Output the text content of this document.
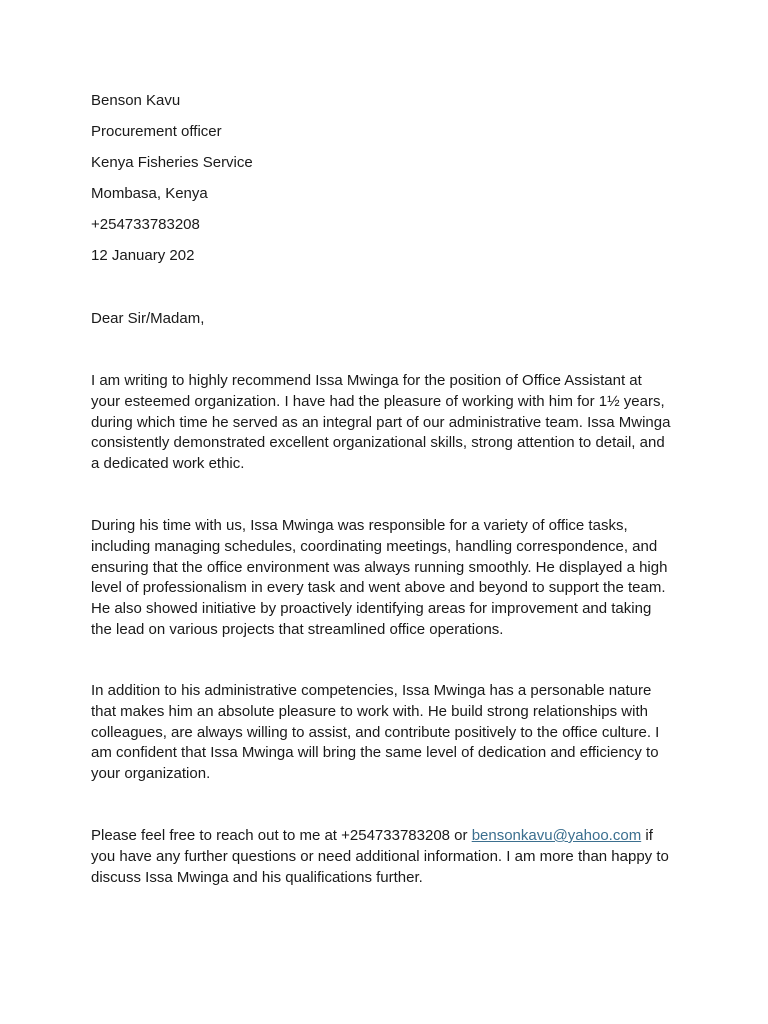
Benson Kavu
Procurement officer
Kenya Fisheries Service
Mombasa, Kenya
+254733783208
12 January 202
Dear Sir/Madam,
I am writing to highly recommend Issa Mwinga for the position of Office Assistant at
your esteemed organization. I have had the pleasure of working with him for 1½ years,
during which time he served as an integral part of our administrative team. Issa Mwinga
consistently demonstrated excellent organizational skills, strong attention to detail, and
a dedicated work ethic.
During his time with us, Issa Mwinga was responsible for a variety of office tasks,
including managing schedules, coordinating meetings, handling correspondence, and
ensuring that the office environment was always running smoothly. He displayed a high
level of professionalism in every task and went above and beyond to support the team.
He also showed initiative by proactively identifying areas for improvement and taking
the lead on various projects that streamlined office operations.
In addition to his administrative competencies, Issa Mwinga has a personable nature
that makes him an absolute pleasure to work with. He build strong relationships with
colleagues, are always willing to assist, and contribute positively to the office culture. I
am confident that Issa Mwinga will bring the same level of dedication and efficiency to
your organization.
Please feel free to reach out to me at +254733783208 or bensonkavu@yahoo.com if
you have any further questions or need additional information. I am more than happy to
discuss Issa Mwinga and his qualifications further.
